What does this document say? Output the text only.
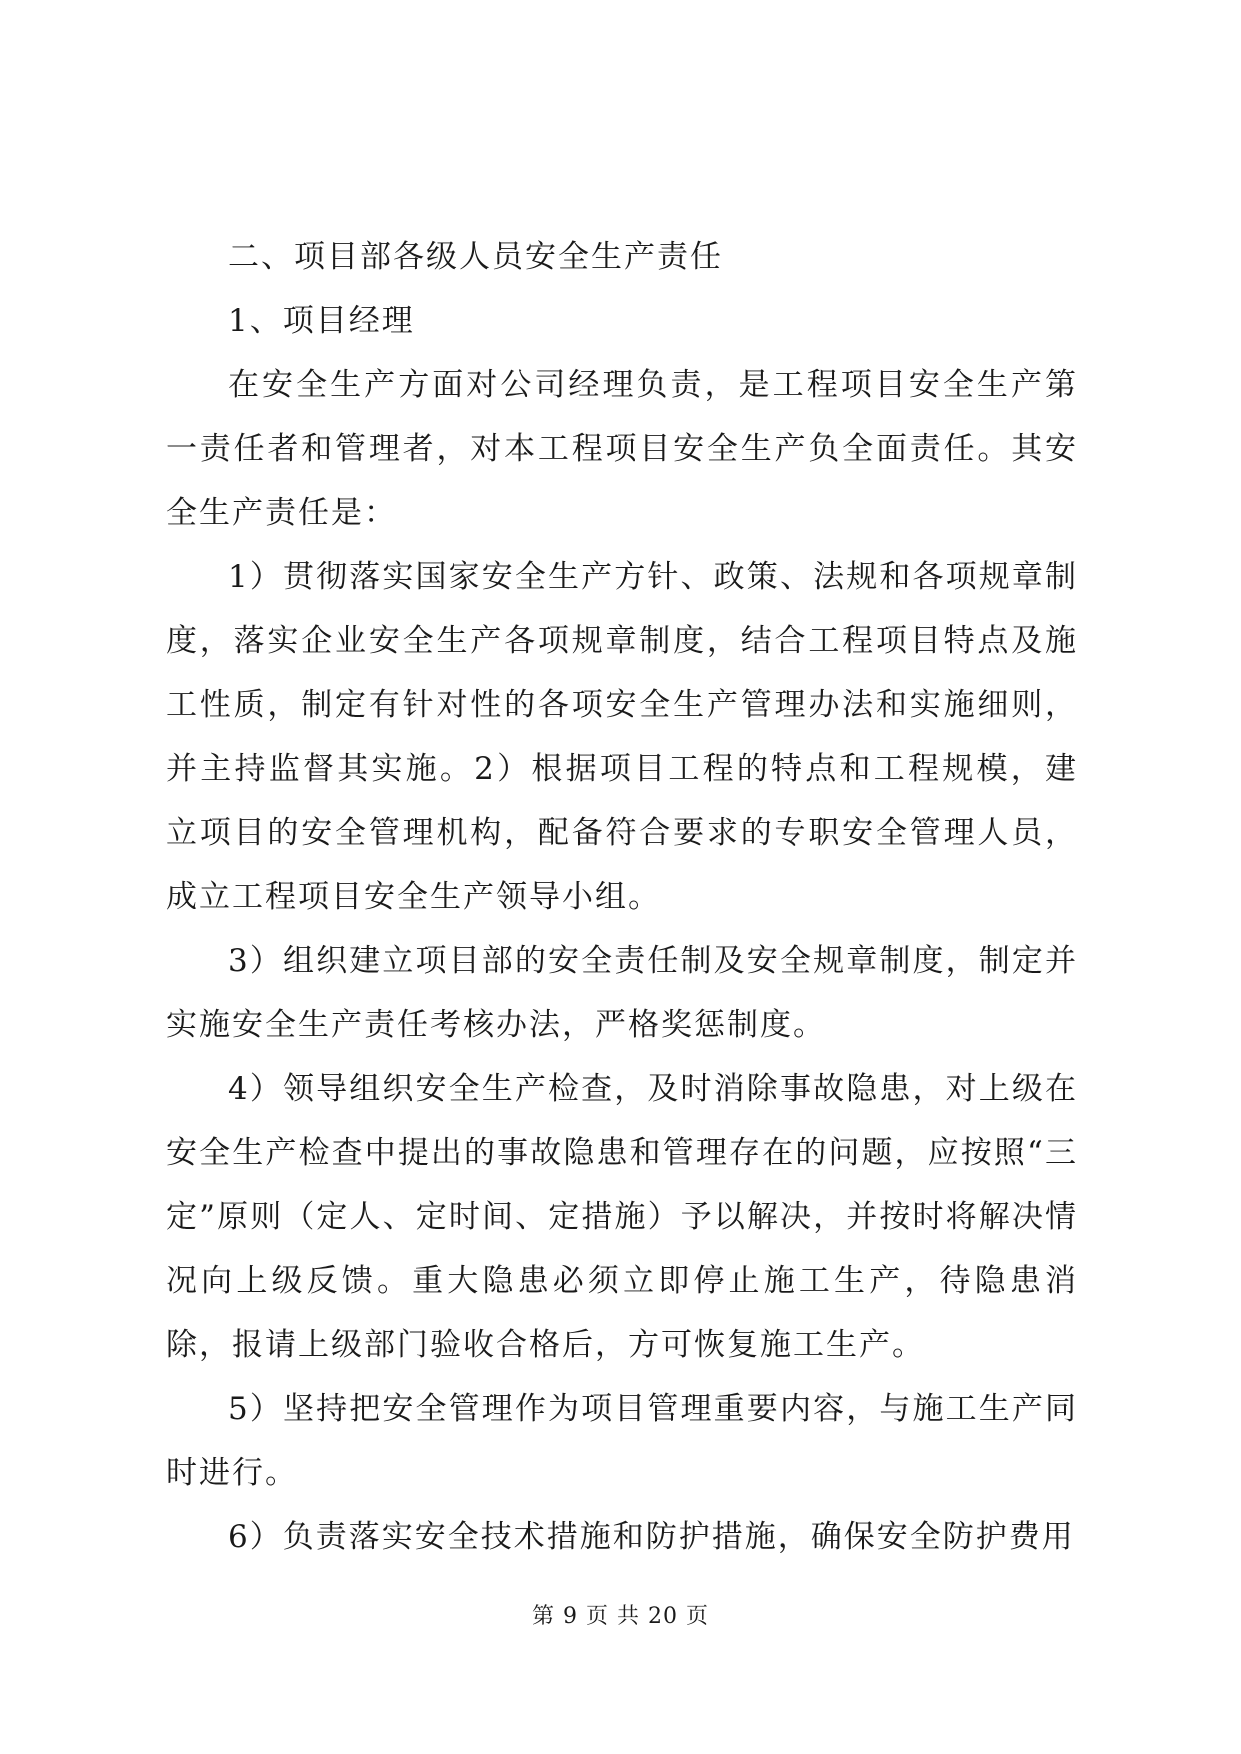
二、项目部各级人员安全生产责任

1、项目经理

在安全生产方面对公司经理负责，是工程项目安全生产第一责任者和管理者，对本工程项目安全生产负全面责任。其安全生产责任是：

1）贯彻落实国家安全生产方针、政策、法规和各项规章制度，落实企业安全生产各项规章制度，结合工程项目特点及施工性质，制定有针对性的各项安全生产管理办法和实施细则，并主持监督其实施。2）根据项目工程的特点和工程规模，建立项目的安全管理机构，配备符合要求的专职安全管理人员，成立工程项目安全生产领导小组。

3）组织建立项目部的安全责任制及安全规章制度，制定并实施安全生产责任考核办法，严格奖惩制度。

4）领导组织安全生产检查，及时消除事故隐患，对上级在安全生产检查中提出的事故隐患和管理存在的问题，应按照“三定”原则（定人、定时间、定措施）予以解决，并按时将解决情况向上级反馈。重大隐患必须立即停止施工生产，待隐患消除，报请上级部门验收合格后，方可恢复施工生产。

5）坚持把安全管理作为项目管理重要内容，与施工生产同时进行。

6）负责落实安全技术措施和防护措施，确保安全防护费用

第 9 页 共 20 页
